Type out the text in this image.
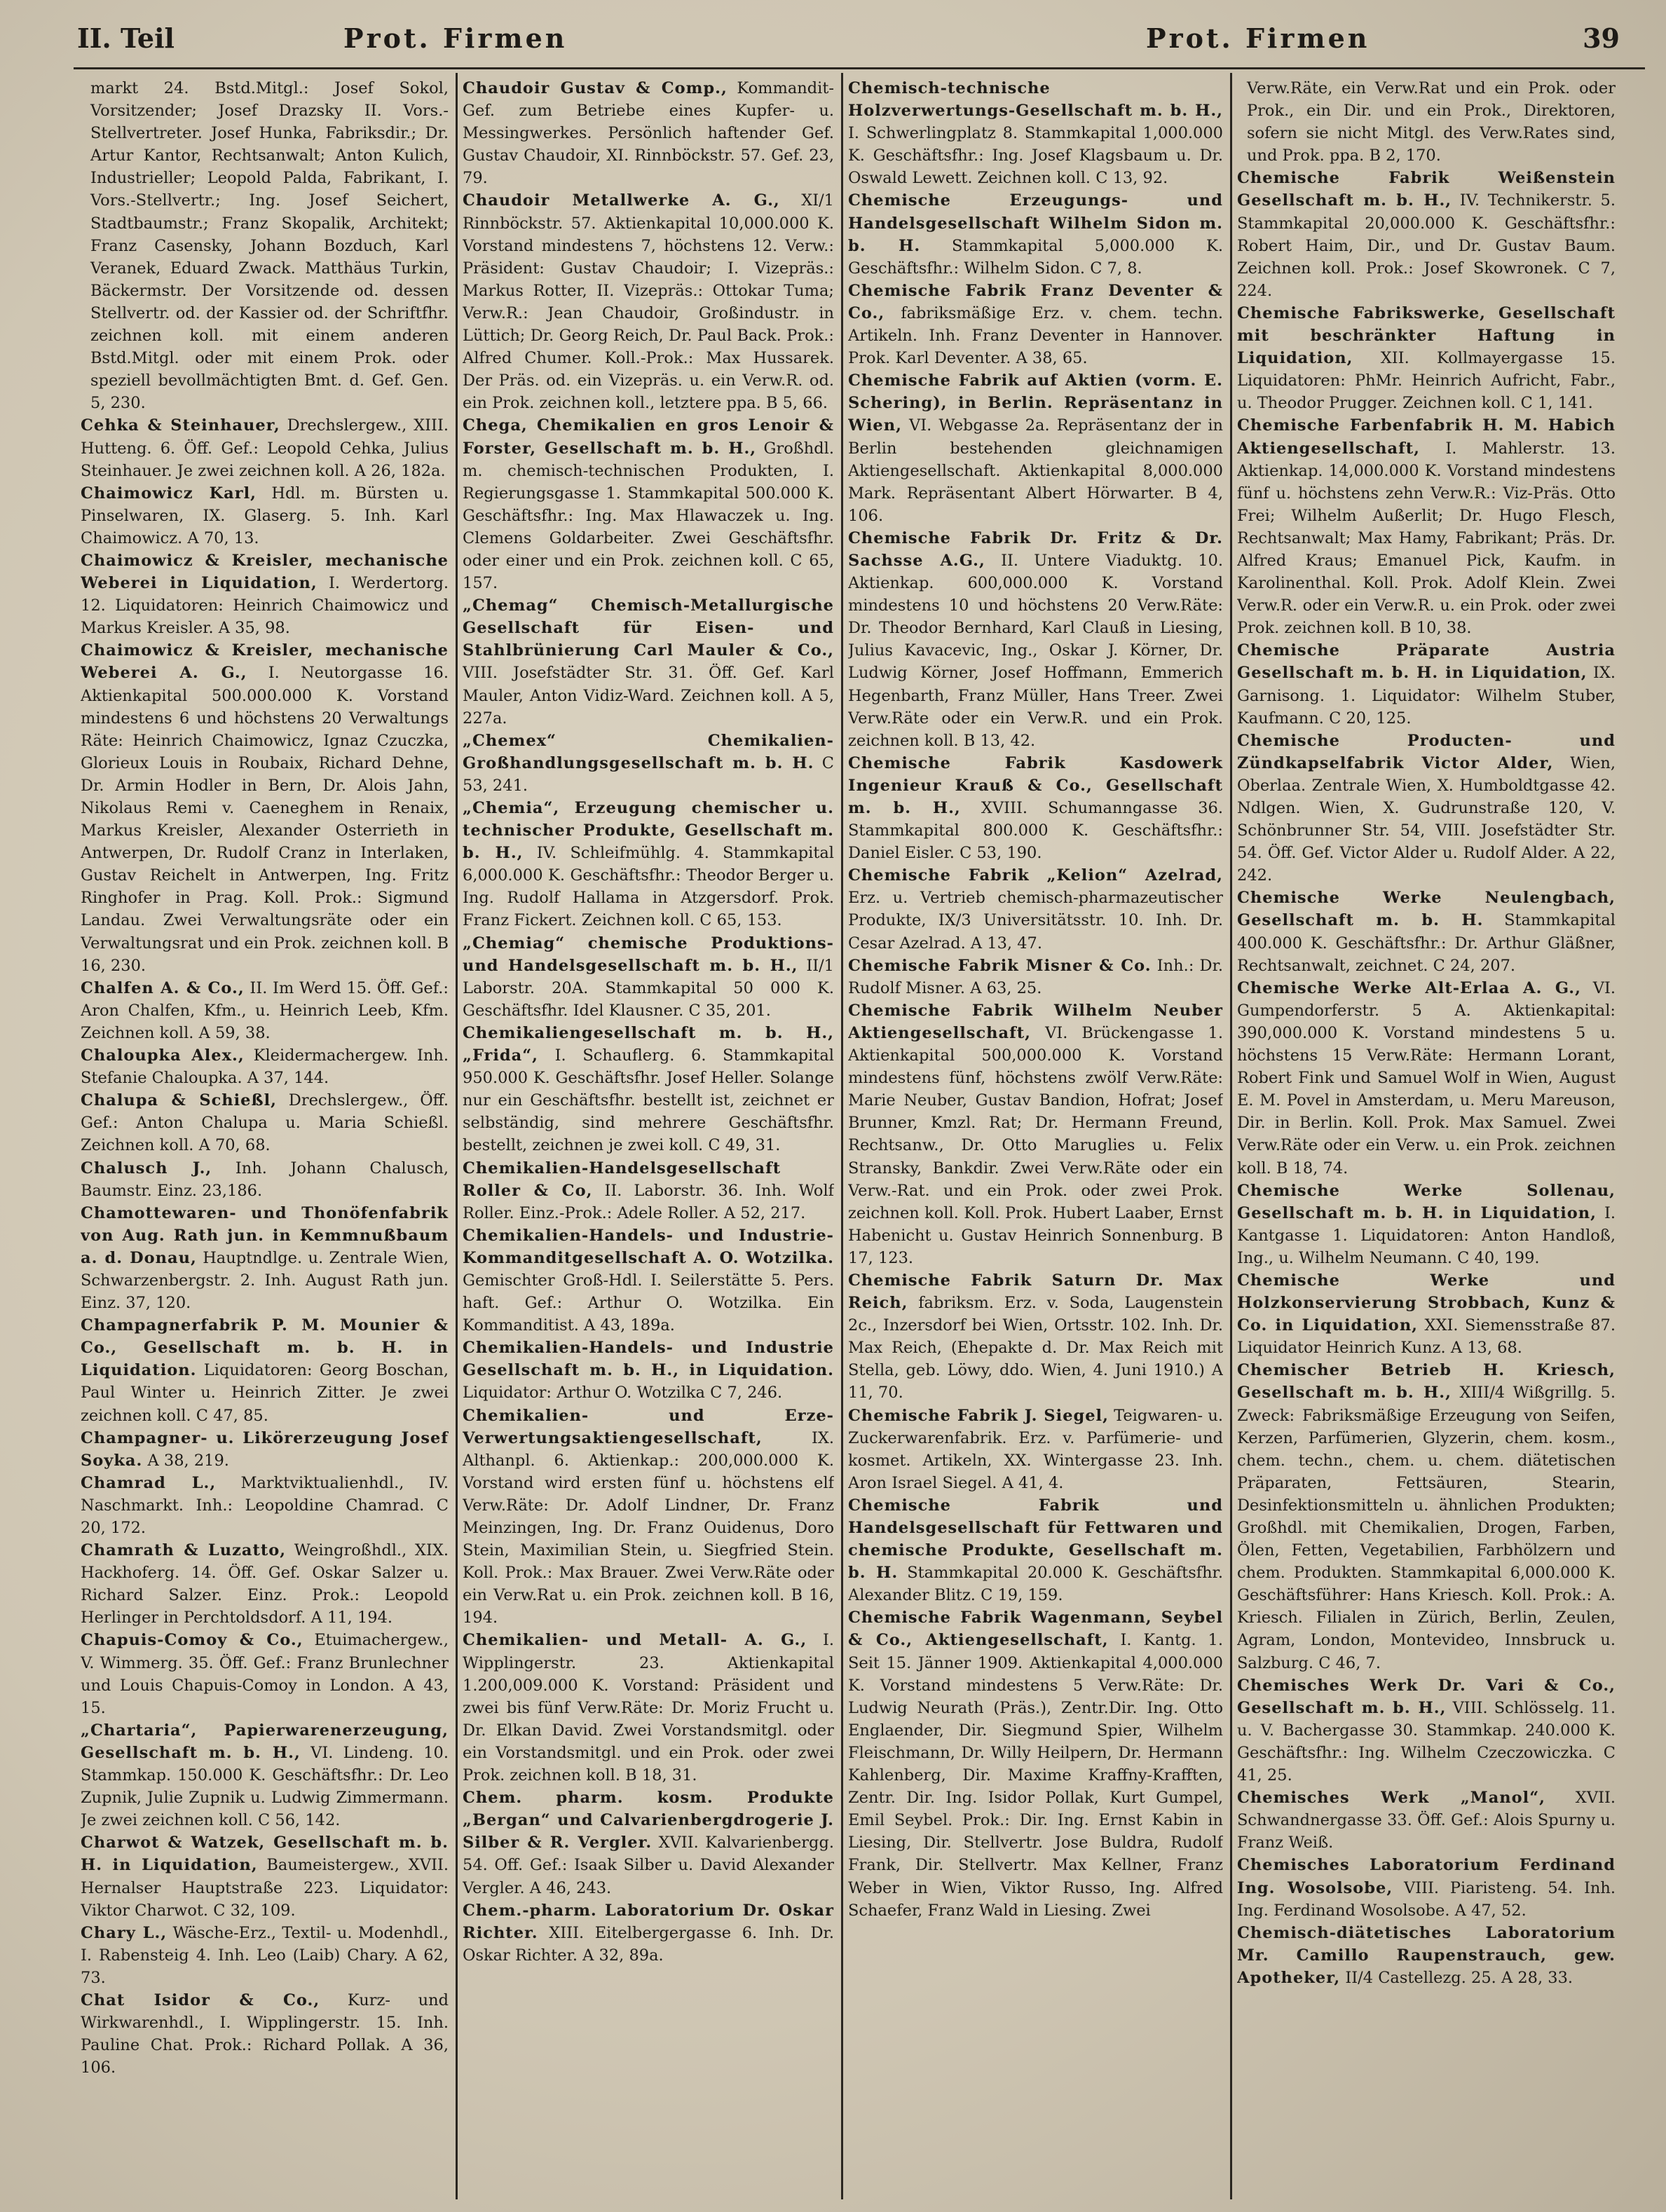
II. Teil	Prot. Firmen	Prot. Firmen	39

markt 24. Bstd.Mitgl.: Josef Sokol, Vorsitzender; Josef Drazsky II. Vors.-Stellvertreter. Josef Hunka, Fabriksdir.; Dr. Artur Kantor, Rechtsanwalt; Anton Kulich, Industrieller; Leopold Palda, Fabrikant, I. Vors.-Stellvertr.; Ing. Josef Seichert, Stadtbaumstr.; Franz Skopalik, Architekt; Franz Casensky, Johann Bozduch, Karl Veranek, Eduard Zwack. Matthäus Turkin, Bäckermstr. Der Vorsitzende od. dessen Stellvertr. od. der Kassier od. der Schriftfhr. zeichnen koll. mit einem anderen Bstd.Mitgl. oder mit einem Prok. oder speziell bevollmächtigten Bmt. d. Gef. Gen. 5, 230.

Cehka & Steinhauer, Drechslergew., XIII. Hutteng. 6. Öff. Gef.: Leopold Cehka, Julius Steinhauer. Je zwei zeichnen koll. A 26, 182a.

Chaimowicz Karl, Hdl. m. Bürsten u. Pinselwaren, IX. Glaserg. 5. Inh. Karl Chaimowicz. A 70, 13.

Chaimowicz & Kreisler, mechanische Weberei in Liquidation, I. Werdertorg. 12. Liquidatoren: Heinrich Chaimowicz und Markus Kreisler. A 35, 98.

Chaimowicz & Kreisler, mechanische Weberei A. G., I. Neutorgasse 16. Aktienkapital 500.000.000 K. Vorstand mindestens 6 und höchstens 20 Verwaltungs Räte: Heinrich Chaimowicz, Ignaz Czuczka, Glorieux Louis in Roubaix, Richard Dehne, Dr. Armin Hodler in Bern, Dr. Alois Jahn, Nikolaus Remi v. Caeneghem in Renaix, Markus Kreisler, Alexander Osterrieth in Antwerpen, Dr. Rudolf Cranz in Interlaken, Gustav Reichelt in Antwerpen, Ing. Fritz Ringhofer in Prag. Koll. Prok.: Sigmund Landau. Zwei Verwaltungsräte oder ein Verwaltungsrat und ein Prok. zeichnen koll. B 16, 230.

Chalfen A. & Co., II. Im Werd 15. Öff. Gef.: Aron Chalfen, Kfm., u. Heinrich Leeb, Kfm. Zeichnen koll. A 59, 38.

Chaloupka Alex., Kleidermachergew. Inh. Stefanie Chaloupka. A 37, 144.

Chalupa & Schießl, Drechslergew., Öff. Gef.: Anton Chalupa u. Maria Schießl. Zeichnen koll. A 70, 68.

Chalusch J., Inh. Johann Chalusch, Baumstr. Einz. 23,186.

Chamottewaren- und Thonöfenfabrik von Aug. Rath jun. in Kemmnußbaum a. d. Donau, Hauptndlge. u. Zentrale Wien, Schwarzenbergstr. 2. Inh. August Rath jun. Einz. 37, 120.

Champagnerfabrik P. M. Mounier & Co., Gesellschaft m. b. H. in Liquidation. Liquidatoren: Georg Boschan, Paul Winter u. Heinrich Zitter. Je zwei zeichnen koll. C 47, 85.

Champagner- u. Likörerzeugung Josef Soyka. A 38, 219.

Chamrad L., Marktviktualienhdl., IV. Naschmarkt. Inh.: Leopoldine Chamrad. C 20, 172.

Chamrath & Luzatto, Weingroßhdl., XIX. Hackhoferg. 14. Öff. Gef. Oskar Salzer u. Richard Salzer. Einz. Prok.: Leopold Herlinger in Perchtoldsdorf. A 11, 194.

Chapuis-Comoy & Co., Etuimachergew., V. Wimmerg. 35. Öff. Gef.: Franz Brunlechner und Louis Chapuis-Comoy in London. A 43, 15.

„Chartaria“, Papierwarenerzeugung, Gesellschaft m. b. H., VI. Lindeng. 10. Stammkap. 150.000 K. Geschäftsfhr.: Dr. Leo Zupnik, Julie Zupnik u. Ludwig Zimmermann. Je zwei zeichnen koll. C 56, 142.

Charwot & Watzek, Gesellschaft m. b. H. in Liquidation, Baumeistergew., XVII. Hernalser Hauptstraße 223. Liquidator: Viktor Charwot. C 32, 109.

Chary L., Wäsche-Erz., Textil- u. Modenhdl., I. Rabensteig 4. Inh. Leo (Laib) Chary. A 62, 73.

Chat Isidor & Co., Kurz- und Wirkwarenhdl., I. Wipplingerstr. 15. Inh. Pauline Chat. Prok.: Richard Pollak. A 36, 106.

Chaudoir Gustav & Comp., Kommandit-Gef. zum Betriebe eines Kupfer- u. Messingwerkes. Persönlich haftender Gef. Gustav Chaudoir, XI. Rinnböckstr. 57. Gef. 23, 79.

Chaudoir Metallwerke A. G., XI/1 Rinnböckstr. 57. Aktienkapital 10,000.000 K. Vorstand mindestens 7, höchstens 12. Verw.: Präsident: Gustav Chaudoir; I. Vizepräs.: Markus Rotter, II. Vizepräs.: Ottokar Tuma; Verw.R.: Jean Chaudoir, Großindustr. in Lüttich; Dr. Georg Reich, Dr. Paul Back. Prok.: Alfred Chumer. Koll.-Prok.: Max Hussarek. Der Präs. od. ein Vizepräs. u. ein Verw.R. od. ein Prok. zeichnen koll., letztere ppa. B 5, 66.

Chega, Chemikalien en gros Lenoir & Forster, Gesellschaft m. b. H., Großhdl. m. chemisch-technischen Produkten, I. Regierungsgasse 1. Stammkapital 500.000 K. Geschäftsfhr.: Ing. Max Hlawaczek u. Ing. Clemens Goldarbeiter. Zwei Geschäftsfhr. oder einer und ein Prok. zeichnen koll. C 65, 157.

„Chemag“ Chemisch-Metallurgische Gesellschaft für Eisen- und Stahlbrünierung Carl Mauler & Co., VIII. Josefstädter Str. 31. Öff. Gef. Karl Mauler, Anton Vidiz-Ward. Zeichnen koll. A 5, 227a.

„Chemex“ Chemikalien-Großhandlungsgesellschaft m. b. H. C 53, 241.

„Chemia“, Erzeugung chemischer u. technischer Produkte, Gesellschaft m. b. H., IV. Schleifmühlg. 4. Stammkapital 6,000.000 K. Geschäftsfhr.: Theodor Berger u. Ing. Rudolf Hallama in Atzgersdorf. Prok. Franz Fickert. Zeichnen koll. C 65, 153.

„Chemiag“ chemische Produktions- und Handelsgesellschaft m. b. H., II/1 Laborstr. 20A. Stammkapital 50 000 K. Geschäftsfhr. Idel Klausner. C 35, 201.

Chemikaliengesellschaft m. b. H., „Frida“, I. Schauflerg. 6. Stammkapital 950.000 K. Geschäftsfhr. Josef Heller. Solange nur ein Geschäftsfhr. bestellt ist, zeichnet er selbständig, sind mehrere Geschäftsfhr. bestellt, zeichnen je zwei koll. C 49, 31.

Chemikalien-Handelsgesellschaft Roller & Co, II. Laborstr. 36. Inh. Wolf Roller. Einz.-Prok.: Adele Roller. A 52, 217.

Chemikalien-Handels- und Industrie-Kommanditgesellschaft A. O. Wotzilka. Gemischter Groß-Hdl. I. Seilerstätte 5. Pers. haft. Gef.: Arthur O. Wotzilka. Ein Kommanditist. A 43, 189a.

Chemikalien-Handels- und Industrie Gesellschaft m. b. H., in Liquidation. Liquidator: Arthur O. Wotzilka C 7, 246.

Chemikalien- und Erze-Verwertungsaktiengesellschaft,	IX. Althanpl. 6. Aktienkap.: 200,000.000 K. Vorstand wird ersten fünf u. höchstens elf Verw.Räte: Dr. Adolf Lindner, Dr. Franz Meinzingen, Ing. Dr. Franz Ouidenus, Doro Stein, Maximilian Stein, u. Siegfried Stein. Koll. Prok.: Max Brauer. Zwei Verw.Räte oder ein Verw.Rat u. ein Prok. zeichnen koll. B 16, 194.

Chemikalien- und Metall- A. G., I. Wipplingerstr. 23. Aktienkapital 1.200,009.000 K. Vorstand: Präsident und zwei bis fünf Verw.Räte: Dr. Moriz Frucht u. Dr. Elkan David. Zwei Vorstandsmitgl. oder ein Vorstandsmitgl. und ein Prok. oder zwei Prok. zeichnen koll. B 18, 31.

Chem. pharm. kosm. Produkte „Bergan“ und Calvarienbergdrogerie J. Silber & R. Vergler. XVII. Kalvarienbergg. 54. Off. Gef.: Isaak Silber u. David Alexander Vergler. A 46, 243.

Chem.-pharm. Laboratorium Dr. Oskar Richter. XIII. Eitelbergergasse 6. Inh. Dr. Oskar Richter. A 32, 89a.

Chemisch-technische Holzverwertungs-Gesellschaft m. b. H., I. Schwerlingplatz 8. Stammkapital 1,000.000 K. Geschäftsfhr.: Ing. Josef Klagsbaum u. Dr. Oswald Lewett. Zeichnen koll. C 13, 92.

Chemische Erzeugungs- und Handelsgesellschaft Wilhelm Sidon m. b. H. Stammkapital 5,000.000 K. Geschäftsfhr.: Wilhelm Sidon. C 7, 8.

Chemische Fabrik Franz Deventer & Co., fabriksmäßige Erz. v. chem. techn. Artikeln. Inh. Franz Deventer in Hannover. Prok. Karl Deventer. A 38, 65.

Chemische Fabrik auf Aktien (vorm. E. Schering), in Berlin. Repräsentanz in Wien, VI. Webgasse 2a. Repräsentanz der in Berlin bestehenden gleichnamigen Aktiengesellschaft. Aktienkapital 8,000.000 Mark. Repräsentant Albert Hörwarter. B 4, 106.

Chemische Fabrik Dr. Fritz & Dr. Sachsse A.G., II. Untere Viaduktg. 10. Aktienkap. 600,000.000 K. Vorstand mindestens 10 und höchstens 20 Verw.Räte: Dr. Theodor Bernhard, Karl Clauß in Liesing, Julius Kavacevic, Ing., Oskar J. Körner, Dr. Ludwig Körner, Josef Hoffmann, Emmerich Hegenbarth, Franz Müller, Hans Treer. Zwei Verw.Räte oder ein Verw.R. und ein Prok. zeichnen koll. B 13, 42.

Chemische Fabrik Kasdowerk Ingenieur Krauß & Co., Gesellschaft m. b. H., XVIII. Schumanngasse 36. Stammkapital 800.000 K. Geschäftsfhr.: Daniel Eisler. C 53, 190.

Chemische Fabrik „Kelion“ Azelrad, Erz. u. Vertrieb chemisch-pharmazeutischer Produkte, IX/3 Universitätsstr. 10. Inh. Dr. Cesar Azelrad. A 13, 47.

Chemische Fabrik Misner & Co. Inh.: Dr. Rudolf Misner. A 63, 25.

Chemische Fabrik Wilhelm Neuber Aktiengesellschaft, VI. Brückengasse 1. Aktienkapital 500,000.000 K. Vorstand mindestens fünf, höchstens zwölf Verw.Räte: Marie Neuber, Gustav Bandion, Hofrat; Josef Brunner, Kmzl. Rat; Dr. Hermann Freund, Rechtsanw., Dr. Otto Maruglies u. Felix Stransky, Bankdir. Zwei Verw.Räte oder ein Verw.-Rat. und ein Prok. oder zwei Prok. zeichnen koll. Koll. Prok. Hubert Laaber, Ernst Habenicht u. Gustav Heinrich Sonnenburg. B 17, 123.

Chemische Fabrik Saturn Dr. Max Reich, fabriksm. Erz. v. Soda, Laugenstein 2c., Inzersdorf bei Wien, Ortsstr. 102. Inh. Dr. Max Reich, (Ehepakte d. Dr. Max Reich mit Stella, geb. Löwy, ddo. Wien, 4. Juni 1910.) A 11, 70.

Chemische Fabrik J. Siegel, Teigwaren- u. Zuckerwarenfabrik. Erz. v. Parfümerie- und kosmet. Artikeln, XX. Wintergasse 23. Inh. Aron Israel Siegel. A 41, 4.

Chemische Fabrik und Handelsgesellschaft für Fettwaren und chemische Produkte, Gesellschaft m. b. H. Stammkapital 20.000 K. Geschäftsfhr. Alexander Blitz. C 19, 159.

Chemische Fabrik Wagenmann, Seybel & Co., Aktiengesellschaft, I. Kantg. 1. Seit 15. Jänner 1909. Aktienkapital 4,000.000 K. Vorstand mindestens 5 Verw.Räte: Dr. Ludwig Neurath (Präs.), Zentr.Dir. Ing. Otto Englaender, Dir. Siegmund Spier, Wilhelm Fleischmann, Dr. Willy Heilpern, Dr. Hermann Kahlenberg, Dir. Maxime Kraffny-Krafften, Zentr. Dir. Ing. Isidor Pollak, Kurt Gumpel, Emil Seybel. Prok.: Dir. Ing. Ernst Kabin in Liesing, Dir. Stellvertr. Jose Buldra, Rudolf Frank, Dir. Stellvertr. Max Kellner, Franz Weber in Wien, Viktor Russo, Ing. Alfred Schaefer, Franz Wald in Liesing. Zwei

Verw.Räte, ein Verw.Rat und ein Prok. oder Prok., ein Dir. und ein Prok., Direktoren, sofern sie nicht Mitgl. des Verw.Rates sind, und Prok. ppa. B 2, 170.

Chemische Fabrik Weißenstein Gesellschaft m. b. H., IV. Technikerstr. 5. Stammkapital 20,000.000 K. Geschäftsfhr.: Robert Haim, Dir., und Dr. Gustav Baum. Zeichnen koll. Prok.: Josef Skowronek. C 7, 224.

Chemische Fabrikswerke, Gesellschaft mit beschränkter Haftung in Liquidation, XII. Kollmayergasse 15. Liquidatoren: PhMr. Heinrich Aufricht, Fabr., u. Theodor Prugger. Zeichnen koll. C 1, 141.

Chemische Farbenfabrik H. M. Habich Aktiengesellschaft, I. Mahlerstr. 13. Aktienkap. 14,000.000 K. Vorstand mindestens fünf u. höchstens zehn Verw.R.: Viz-Präs. Otto Frei; Wilhelm Außerlit; Dr. Hugo Flesch, Rechtsanwalt; Max Hamy, Fabrikant; Präs. Dr. Alfred Kraus; Emanuel Pick, Kaufm. in Karolinenthal. Koll. Prok. Adolf Klein. Zwei Verw.R. oder ein Verw.R. u. ein Prok. oder zwei Prok. zeichnen koll. B 10, 38.

Chemische Präparate Austria Gesellschaft m. b. H. in Liquidation, IX. Garnisong. 1. Liquidator: Wilhelm Stuber, Kaufmann. C 20, 125.

Chemische Producten- und Zündkapselfabrik Victor Alder, Wien, Oberlaa. Zentrale Wien, X. Humboldtgasse 42. Ndlgen. Wien, X. Gudrunstraße 120, V. Schönbrunner Str. 54, VIII. Josefstädter Str. 54. Öff. Gef. Victor Alder u. Rudolf Alder. A 22, 242.

Chemische Werke Neulengbach, Gesellschaft m. b. H. Stammkapital 400.000 K. Geschäftsfhr.: Dr. Arthur Gläßner, Rechtsanwalt, zeichnet. C 24, 207.

Chemische Werke Alt-Erlaa A. G., VI. Gumpendorferstr. 5 A. Aktienkapital: 390,000.000 K. Vorstand mindestens 5 u. höchstens 15 Verw.Räte: Hermann Lorant, Robert Fink und Samuel Wolf in Wien, August E. M. Povel in Amsterdam, u. Meru Mareuson, Dir. in Berlin. Koll. Prok. Max Samuel. Zwei Verw.Räte oder ein Verw. u. ein Prok. zeichnen koll. B 18, 74.

Chemische Werke Sollenau, Gesellschaft m. b. H. in Liquidation, I. Kantgasse 1. Liquidatoren: Anton Handloß, Ing., u. Wilhelm Neumann. C 40, 199.

Chemische Werke und Holzkonservierung Strobbach, Kunz & Co. in Liquidation, XXI. Siemensstraße 87. Liquidator Heinrich Kunz. A 13, 68.

Chemischer Betrieb H. Kriesch, Gesellschaft m. b. H., XIII/4 Wißgrillg. 5. Zweck: Fabriksmäßige Erzeugung von Seifen, Kerzen, Parfümerien, Glyzerin, chem. kosm., chem. techn., chem. u. chem. diätetischen Präparaten, Fettsäuren, Stearin, Desinfektionsmitteln u. ähnlichen Produkten; Großhdl. mit Chemikalien, Drogen, Farben, Ölen, Fetten, Vegetabilien, Farbhölzern und chem. Produkten. Stammkapital 6,000.000 K. Geschäftsführer: Hans Kriesch. Koll. Prok.: A. Kriesch. Filialen in Zürich, Berlin, Zeulen, Agram, London, Montevideo, Innsbruck u. Salzburg. C 46, 7.

Chemisches Werk Dr. Vari & Co., Gesellschaft m. b. H., VIII. Schlösselg. 11. u. V. Bachergasse 30. Stammkap. 240.000 K. Geschäftsfhr.: Ing. Wilhelm Czeczowiczka. C 41, 25.

Chemisches Werk „Manol“, XVII. Schwandnergasse 33. Öff. Gef.: Alois Spurny u. Franz Weiß.

Chemisches Laboratorium Ferdinand Ing. Wosolsobe, VIII. Piaristeng. 54. Inh. Ing. Ferdinand Wosolsobe. A 47, 52.

Chemisch-diätetisches Laboratorium Mr. Camillo Raupenstrauch, gew. Apotheker, II/4 Castellezg. 25. A 28, 33.
